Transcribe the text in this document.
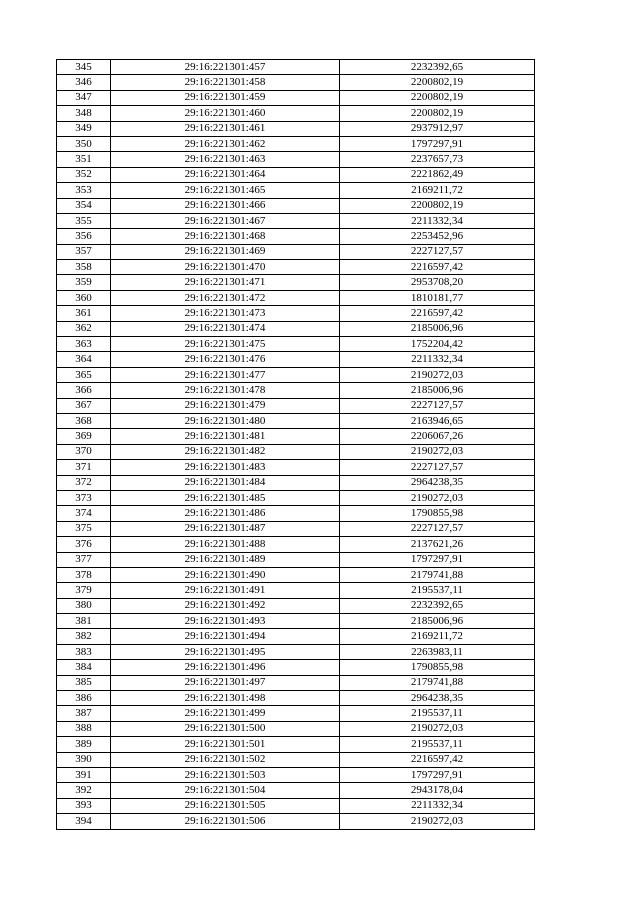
345	29:16:221301:457	2232392,65
346	29:16:221301:458	2200802,19
347	29:16:221301:459	2200802,19
348	29:16:221301:460	2200802,19
349	29:16:221301:461	2937912,97
350	29:16:221301:462	1797297,91
351	29:16:221301:463	2237657,73
352	29:16:221301:464	2221862,49
353	29:16:221301:465	2169211,72
354	29:16:221301:466	2200802,19
355	29:16:221301:467	2211332,34
356	29:16:221301:468	2253452,96
357	29:16:221301:469	2227127,57
358	29:16:221301:470	2216597,42
359	29:16:221301:471	2953708,20
360	29:16:221301:472	1810181,77
361	29:16:221301:473	2216597,42
362	29:16:221301:474	2185006,96
363	29:16:221301:475	1752204,42
364	29:16:221301:476	2211332,34
365	29:16:221301:477	2190272,03
366	29:16:221301:478	2185006,96
367	29:16:221301:479	2227127,57
368	29:16:221301:480	2163946,65
369	29:16:221301:481	2206067,26
370	29:16:221301:482	2190272,03
371	29:16:221301:483	2227127,57
372	29:16:221301:484	2964238,35
373	29:16:221301:485	2190272,03
374	29:16:221301:486	1790855,98
375	29:16:221301:487	2227127,57
376	29:16:221301:488	2137621,26
377	29:16:221301:489	1797297,91
378	29:16:221301:490	2179741,88
379	29:16:221301:491	2195537,11
380	29:16:221301:492	2232392,65
381	29:16:221301:493	2185006,96
382	29:16:221301:494	2169211,72
383	29:16:221301:495	2263983,11
384	29:16:221301:496	1790855,98
385	29:16:221301:497	2179741,88
386	29:16:221301:498	2964238,35
387	29:16:221301:499	2195537,11
388	29:16:221301:500	2190272,03
389	29:16:221301:501	2195537,11
390	29:16:221301:502	2216597,42
391	29:16:221301:503	1797297,91
392	29:16:221301:504	2943178,04
393	29:16:221301:505	2211332,34
394	29:16:221301:506	2190272,03
